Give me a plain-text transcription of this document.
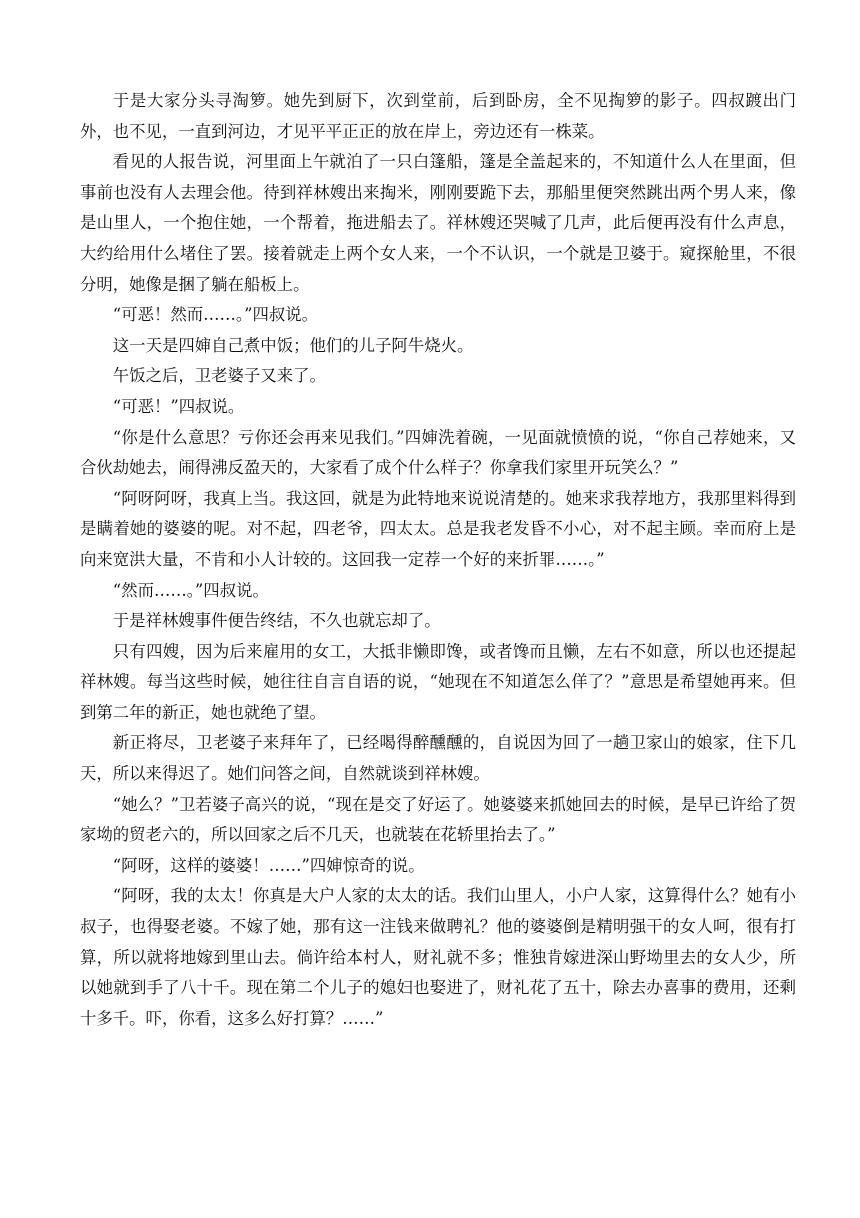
于是大家分头寻淘箩。她先到厨下，次到堂前，后到卧房，全不见掏箩的影子。四叔踱出门外，也不见，一直到河边，才见平平正正的放在岸上，旁边还有一株菜。

看见的人报告说，河里面上午就泊了一只白篷船，篷是全盖起来的，不知道什么人在里面，但事前也没有人去理会他。待到祥林嫂出来掏米，刚刚要跪下去，那船里便突然跳出两个男人来，像是山里人，一个抱住她，一个帮着，拖进船去了。祥林嫂还哭喊了几声，此后便再没有什么声息，大约给用什么堵住了罢。接着就走上两个女人来，一个不认识，一个就是卫婆于。窥探舱里，不很分明，她像是捆了躺在船板上。

“可恶！然而……。”四叔说。

这一天是四婶自己煮中饭；他们的儿子阿牛烧火。

午饭之后，卫老婆子又来了。

“可恶！”四叔说。

“你是什么意思？亏你还会再来见我们。”四婶洗着碗，一见面就愤愤的说，“你自己荐她来，又合伙劫她去，闹得沸反盈天的，大家看了成个什么样子？你拿我们家里开玩笑么？”

“阿呀阿呀，我真上当。我这回，就是为此特地来说说清楚的。她来求我荐地方，我那里料得到是瞒着她的婆婆的呢。对不起，四老爷，四太太。总是我老发昏不小心，对不起主顾。幸而府上是向来宽洪大量，不肯和小人计较的。这回我一定荐一个好的来折罪……。”

“然而……。”四叔说。

于是祥林嫂事件便告终结，不久也就忘却了。

只有四嫂，因为后来雇用的女工，大抵非懒即馋，或者馋而且懒，左右不如意，所以也还提起祥林嫂。每当这些时候，她往往自言自语的说，“她现在不知道怎么佯了？”意思是希望她再来。但到第二年的新正，她也就绝了望。

新正将尽，卫老婆子来拜年了，已经喝得醉醺醺的，自说因为回了一趟卫家山的娘家，住下几天，所以来得迟了。她们问答之间，自然就谈到祥林嫂。

“她么？”卫若婆子高兴的说，“现在是交了好运了。她婆婆来抓她回去的时候，是早已许给了贺家坳的贸老六的，所以回家之后不几天，也就装在花轿里抬去了。”

“阿呀，这样的婆婆！……”四婶惊奇的说。

“阿呀，我的太太！你真是大户人家的太太的话。我们山里人，小户人家，这算得什么？她有小叔子，也得娶老婆。不嫁了她，那有这一注钱来做聘礼？他的婆婆倒是精明强干的女人呵，很有打算，所以就将地嫁到里山去。倘许给本村人，财礼就不多；惟独肯嫁进深山野坳里去的女人少，所以她就到手了八十千。现在第二个儿子的媳妇也娶进了，财礼花了五十，除去办喜事的费用，还剩十多千。吓，你看，这多么好打算？……”
